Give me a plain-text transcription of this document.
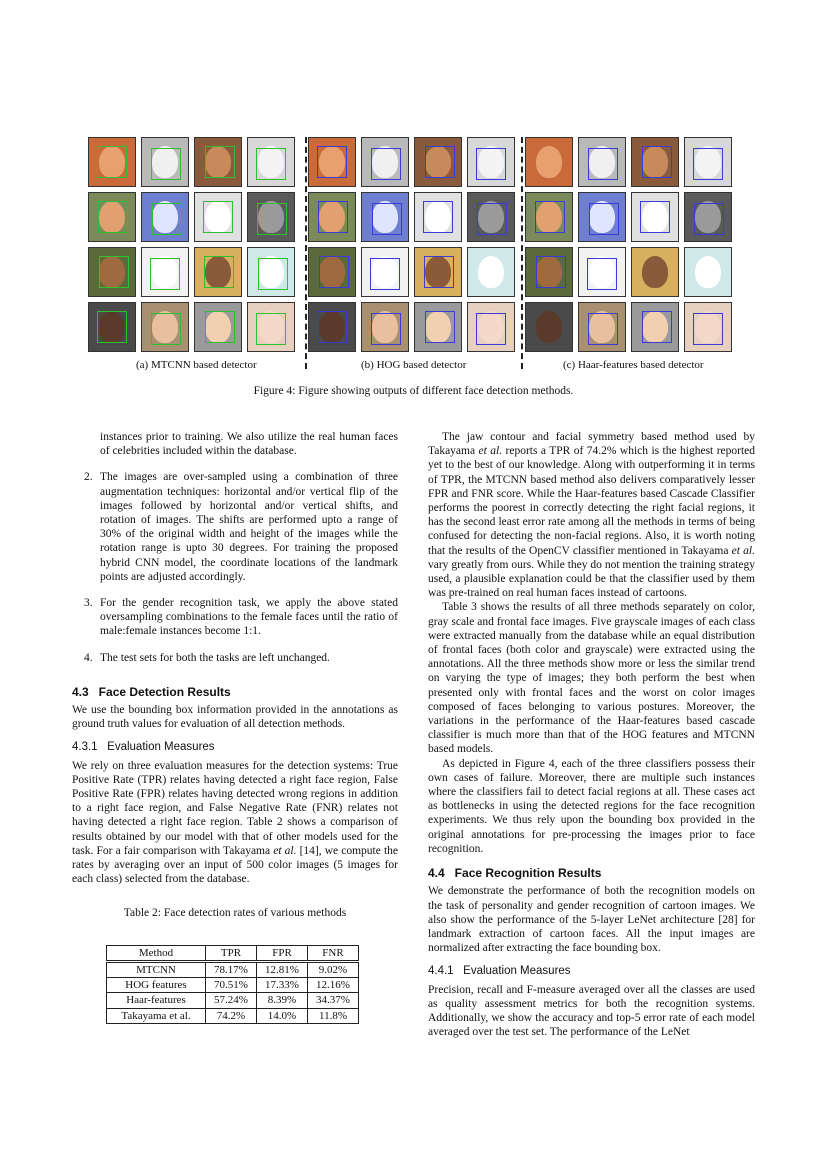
(a) MTCNN based detector	(b) HOG based detector	(c) Haar-features based detector
Figure 4: Figure showing outputs of different face detection methods.

instances prior to training. We also utilize the real human faces of celebrities included within the database.

2. The images are over-sampled using a combination of three augmentation techniques: horizontal and/or vertical flip of the images followed by horizontal and/or vertical shifts, and rotation of images. The shifts are performed upto a range of 30% of the original width and height of the images while the rotation range is upto 30 degrees. For training the proposed hybrid CNN model, the coordinate locations of the landmark points are adjusted accordingly.
3. For the gender recognition task, we apply the above stated oversampling combinations to the female faces until the ratio of male:female instances become 1:1.
4. The test sets for both the tasks are left unchanged.
4.3   Face Detection Results

We use the bounding box information provided in the annotations as ground truth values for evaluation of all detection methods.

4.3.1   Evaluation Measures

We rely on three evaluation measures for the detection systems: True Positive Rate (TPR) relates having detected a right face region, False Positive Rate (FPR) relates having detected wrong regions in addition to a right face region, and False Negative Rate (FNR) relates not having detected a right face region. Table 2 shows a comparison of results obtained by our model with that of other models used for the task. For a fair comparison with Takayama et al. [14], we compute the rates by averaging over an input of 500 color images (5 images for each class) selected from the database.

Table 2: Face detection rates of various methods
Method	TPR	FPR	FNR
MTCNN	78.17%	12.81%	9.02%
HOG features	70.51%	17.33%	12.16%
Haar-features	57.24%	8.39%	34.37%
Takayama et al.	74.2%	14.0%	11.8%

The jaw contour and facial symmetry based method used by Takayama et al. reports a TPR of 74.2% which is the highest reported yet to the best of our knowledge. Along with outperforming it in terms of TPR, the MTCNN based method also delivers comparatively lesser FPR and FNR score. While the Haar-features based Cascade Classifier performs the poorest in correctly detecting the right facial regions, it has the second least error rate among all the methods in terms of being confused for detecting the non-facial regions. Also, it is worth noting that the results of the OpenCV classifier mentioned in Takayama et al. vary greatly from ours. While they do not mention the training strategy used, a plausible explanation could be that the classifier used by them was pre-trained on real human faces instead of cartoons.

Table 3 shows the results of all three methods separately on color, gray scale and frontal face images. Five grayscale images of each class were extracted manually from the database while an equal distribution of frontal faces (both color and grayscale) were extracted using the annotations. All the three methods show more or less the similar trend on varying the type of images; they both perform the best when presented only with frontal faces and the worst on color images composed of faces belonging to various postures. Moreover, the variations in the performance of the Haar-features based cascade classifier is much more than that of the HOG features and MTCNN based models.

As depicted in Figure 4, each of the three classifiers possess their own cases of failure. Moreover, there are multiple such instances where the classifiers fail to detect facial regions at all. These cases act as bottlenecks in using the detected regions for the face recognition experiments. We thus rely upon the bounding box provided in the original annotations for pre-processing the images prior to face recognition.

4.4   Face Recognition Results

We demonstrate the performance of both the recognition models on the task of personality and gender recognition of cartoon images. We also show the performance of the 5-layer LeNet architecture [28] for landmark extraction of cartoon faces. All the input images are normalized after extracting the face bounding box.

4.4.1   Evaluation Measures

Precision, recall and F-measure averaged over all the classes are used as quality assessment metrics for both the recognition systems. Additionally, we show the accuracy and top-5 error rate of each model averaged over the test set. The performance of the LeNet
